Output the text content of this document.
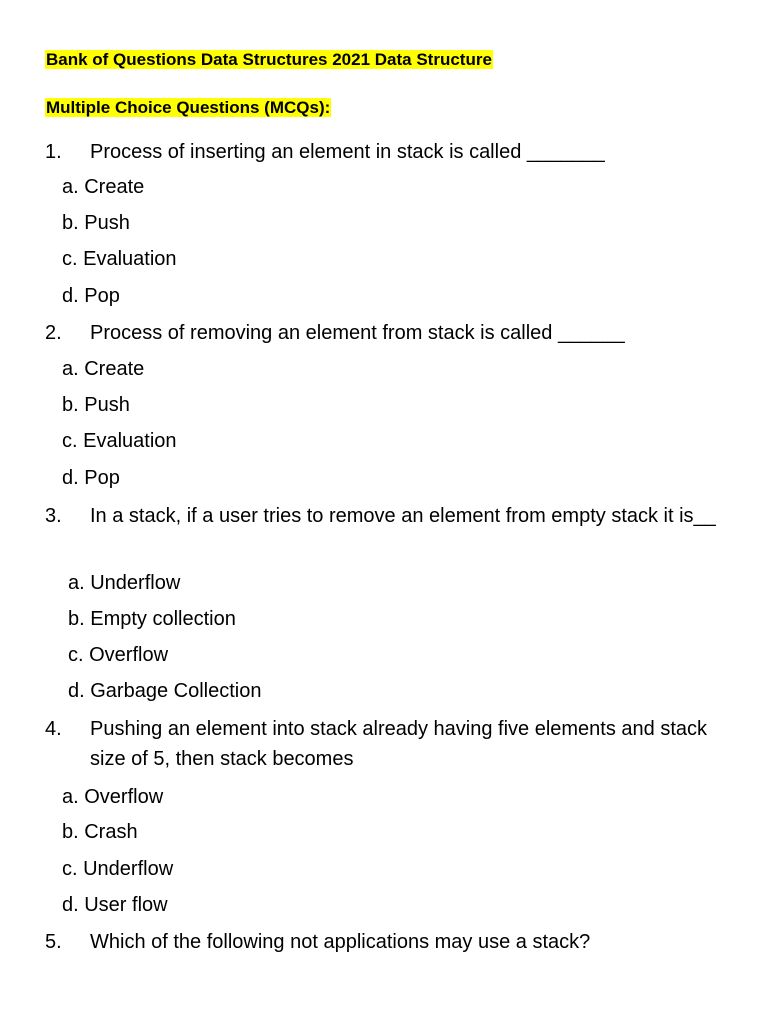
Bank of Questions Data Structures 2021 Data Structure
Multiple Choice Questions (MCQs):
1.	Process of inserting an element in stack is called _______
a. Create
b. Push
c. Evaluation
d. Pop
2.	Process of removing an element from stack is called ______
a. Create
b. Push
c. Evaluation
d. Pop
3.	In a stack, if a user tries to remove an element from empty stack it is__
a. Underflow
b. Empty collection
c. Overflow
d. Garbage Collection
4.	Pushing an element into stack already having five elements and stack size of 5, then stack becomes
a. Overflow
b. Crash
c. Underflow
d. User flow
5.	Which of the following not applications may use a stack?
